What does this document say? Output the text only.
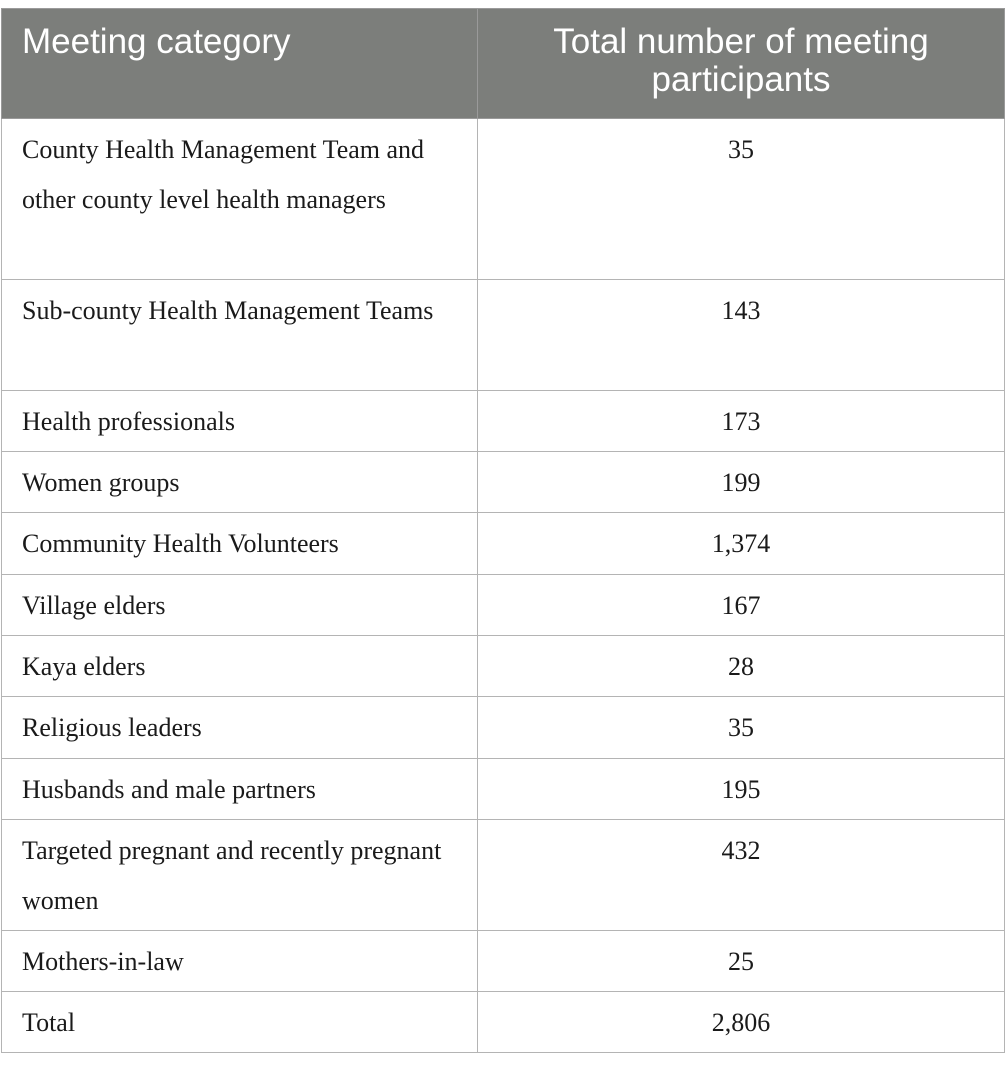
Meeting category	Total number of meeting participants
County Health Management Team and other county level health managers	35
Sub-county Health Management Teams	143
Health professionals	173
Women groups	199
Community Health Volunteers	1,374
Village elders	167
Kaya elders	28
Religious leaders	35
Husbands and male partners	195
Targeted pregnant and recently pregnant women	432
Mothers-in-law	25
Total	2,806
